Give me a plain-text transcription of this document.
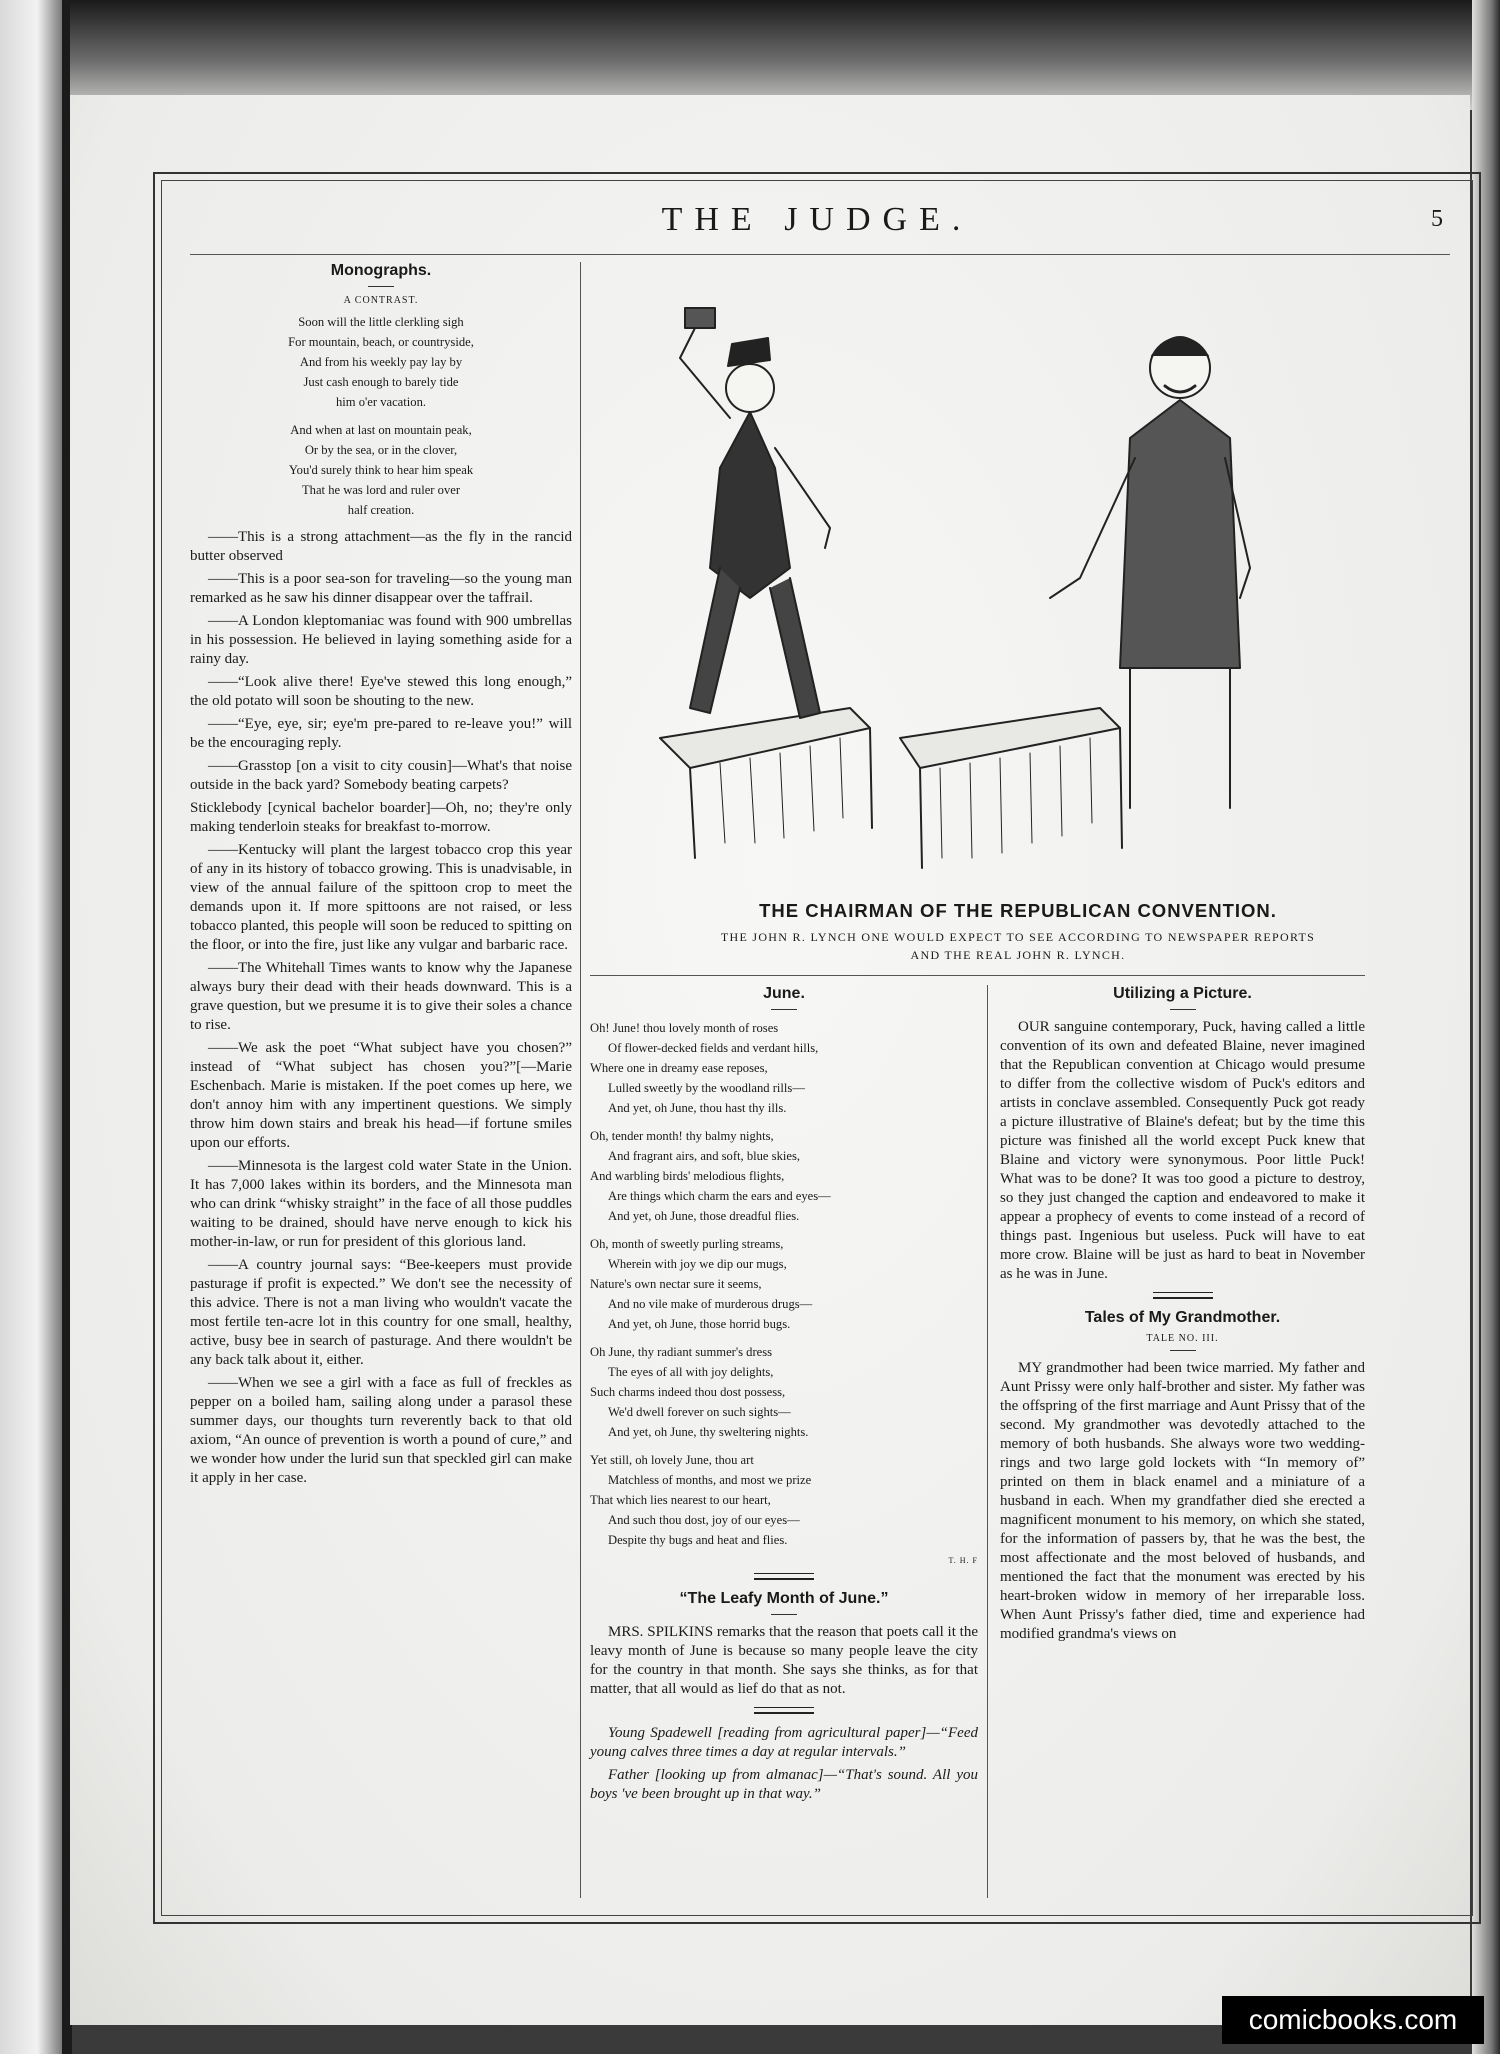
THE JUDGE.	5
Monographs.
A CONTRAST.
Soon will the little clerkling sigh
For mountain, beach, or countryside,
And from his weekly pay lay by
Just cash enough to barely tide
him o'er vacation.
And when at last on mountain peak,
Or by the sea, or in the clover,
You'd surely think to hear him speak
That he was lord and ruler over
half creation.

——This is a strong attachment—as the fly in the rancid butter observed

——This is a poor sea-son for traveling—so the young man remarked as he saw his dinner disappear over the taffrail.

——A London kleptomaniac was found with 900 umbrellas in his possession. He believed in laying something aside for a rainy day.

——“Look alive there! Eye've stewed this long enough,” the old potato will soon be shouting to the new.

——“Eye, eye, sir; eye'm pre-pared to re-leave you!” will be the encouraging reply.

——Grasstop [on a visit to city cousin]—What's that noise outside in the back yard? Somebody beating carpets?

Sticklebody [cynical bachelor boarder]—Oh, no; they're only making tenderloin steaks for breakfast to-morrow.

——Kentucky will plant the largest tobacco crop this year of any in its history of tobacco growing. This is unadvisable, in view of the annual failure of the spittoon crop to meet the demands upon it. If more spittoons are not raised, or less tobacco planted, this people will soon be reduced to spitting on the floor, or into the fire, just like any vulgar and barbaric race.

——The Whitehall Times wants to know why the Japanese always bury their dead with their heads downward. This is a grave question, but we presume it is to give their soles a chance to rise.

——We ask the poet “What subject have you chosen?” instead of “What subject has chosen you?”[—Marie Eschenbach. Marie is mistaken. If the poet comes up here, we don't annoy him with any impertinent questions. We simply throw him down stairs and break his head—if fortune smiles upon our efforts.

——Minnesota is the largest cold water State in the Union. It has 7,000 lakes within its borders, and the Minnesota man who can drink “whisky straight” in the face of all those puddles waiting to be drained, should have nerve enough to kick his mother-in-law, or run for president of this glorious land.

——A country journal says: “Bee-keepers must provide pasturage if profit is expected.” We don't see the necessity of this advice. There is not a man living who wouldn't vacate the most fertile ten-acre lot in this country for one small, healthy, active, busy bee in search of pasturage. And there wouldn't be any back talk about it, either.

——When we see a girl with a face as full of freckles as pepper on a boiled ham, sailing along under a parasol these summer days, our thoughts turn reverently back to that old axiom, “An ounce of prevention is worth a pound of cure,” and we wonder how under the lurid sun that speckled girl can make it apply in her case.

THE CHAIRMAN OF THE REPUBLICAN CONVENTION.
THE JOHN R. LYNCH ONE WOULD EXPECT TO SEE ACCORDING TO NEWSPAPER REPORTS
AND THE REAL JOHN R. LYNCH.
June.
Oh! June! thou lovely month of roses
Of flower-decked fields and verdant hills,
Where one in dreamy ease reposes,
Lulled sweetly by the woodland rills—
And yet, oh June, thou hast thy ills.
Oh, tender month! thy balmy nights,
And fragrant airs, and soft, blue skies,
And warbling birds' melodious flights,
Are things which charm the ears and eyes—
And yet, oh June, those dreadful flies.
Oh, month of sweetly purling streams,
Wherein with joy we dip our mugs,
Nature's own nectar sure it seems,
And no vile make of murderous drugs—
And yet, oh June, those horrid bugs.
Oh June, thy radiant summer's dress
The eyes of all with joy delights,
Such charms indeed thou dost possess,
We'd dwell forever on such sights—
And yet, oh June, thy sweltering nights.
Yet still, oh lovely June, thou art
Matchless of months, and most we prize
That which lies nearest to our heart,
And such thou dost, joy of our eyes—
Despite thy bugs and heat and flies.
T. H. F
“The Leafy Month of June.”

MRS. SPILKINS remarks that the reason that poets call it the leavy month of June is because so many people leave the city for the country in that month. She says she thinks, as for that matter, that all would as lief do that as not.

Young Spadewell [reading from agricultural paper]—“Feed young calves three times a day at regular intervals.”

Father [looking up from almanac]—“That's sound. All you boys 've been brought up in that way.”

Utilizing a Picture.

OUR sanguine contemporary, Puck, having called a little convention of its own and defeated Blaine, never imagined that the Republican convention at Chicago would presume to differ from the collective wisdom of Puck's editors and artists in conclave assembled. Consequently Puck got ready a picture illustrative of Blaine's defeat; but by the time this picture was finished all the world except Puck knew that Blaine and victory were synonymous. Poor little Puck! What was to be done? It was too good a picture to destroy, so they just changed the caption and endeavored to make it appear a prophecy of events to come instead of a record of things past. Ingenious but useless. Puck will have to eat more crow. Blaine will be just as hard to beat in November as he was in June.

Tales of My Grandmother.
TALE NO. III.

MY grandmother had been twice married. My father and Aunt Prissy were only half-brother and sister. My father was the offspring of the first marriage and Aunt Prissy that of the second. My grandmother was devotedly attached to the memory of both husbands. She always wore two wedding-rings and two large gold lockets with “In memory of” printed on them in black enamel and a miniature of a husband in each. When my grandfather died she erected a magnificent monument to his memory, on which she stated, for the information of passers by, that he was the best, the most affectionate and the most beloved of husbands, and mentioned the fact that the monument was erected by his heart-broken widow in memory of her irreparable loss. When Aunt Prissy's father died, time and experience had modified grandma's views on

comicbooks.com
